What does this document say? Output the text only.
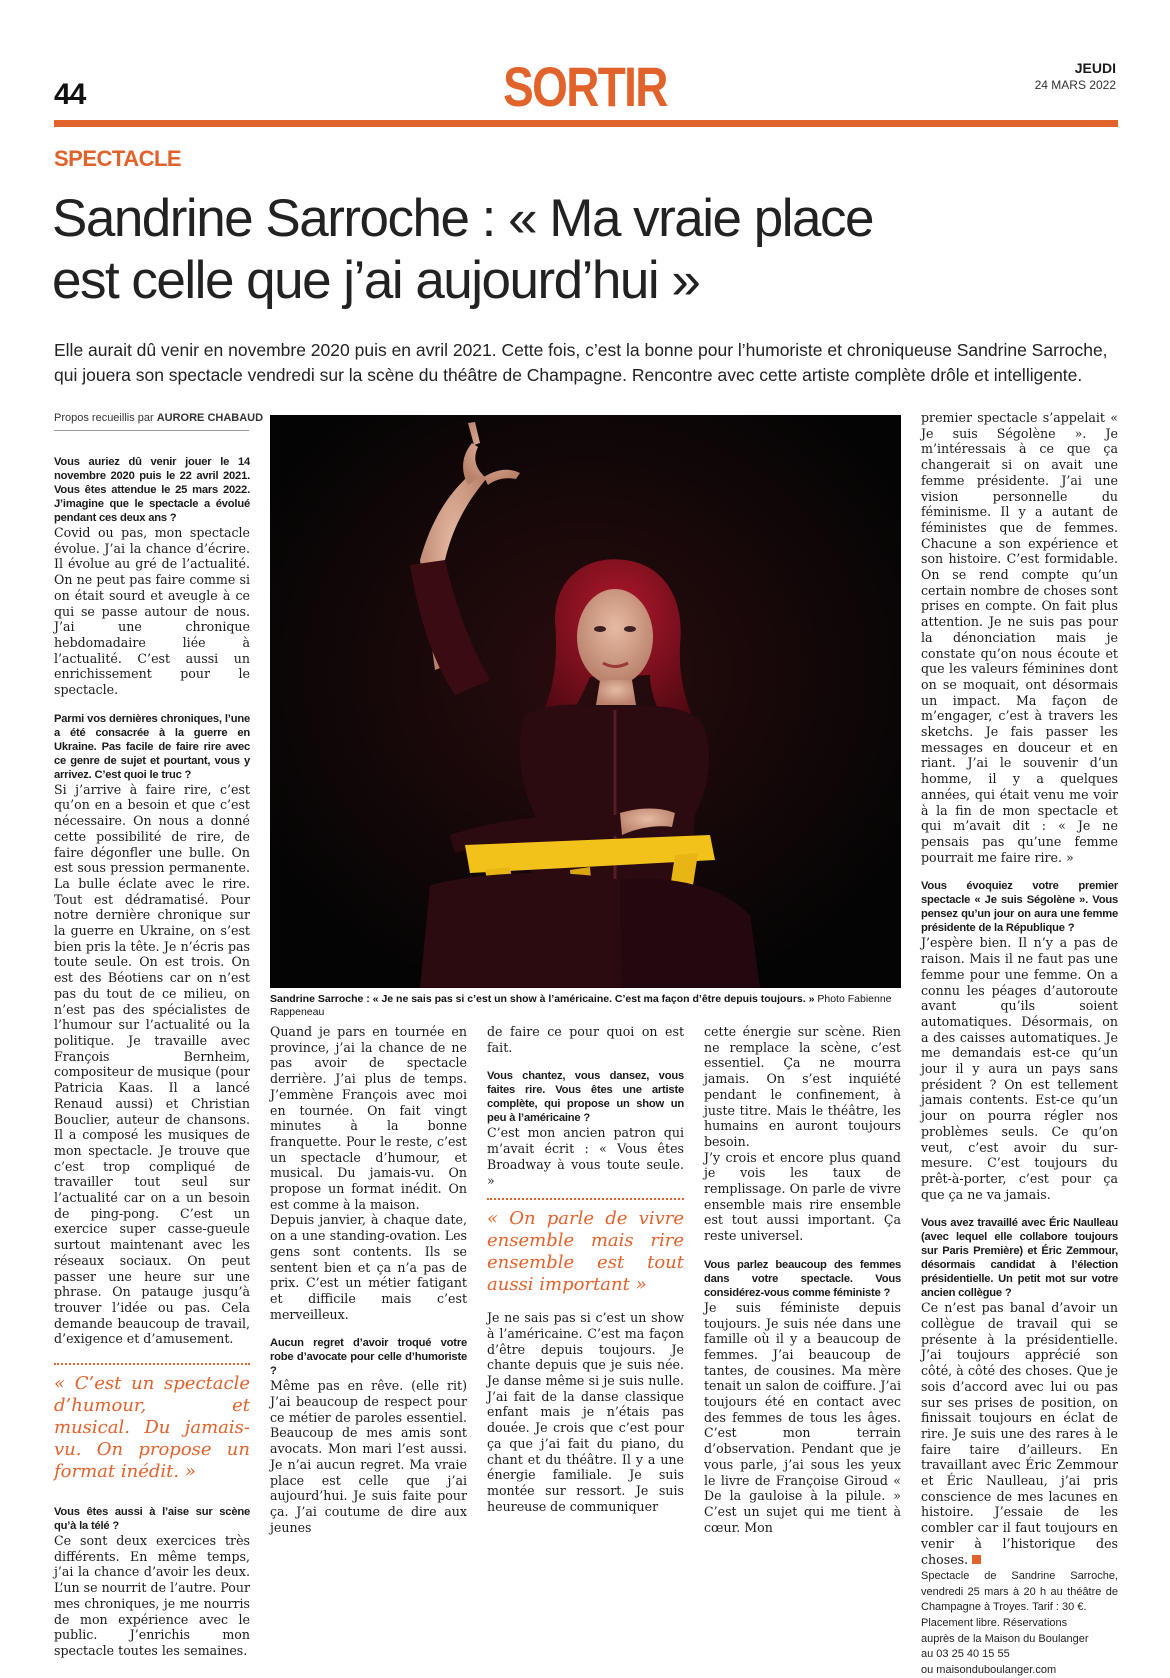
44	SORTIR	JEUDI
24 MARS 2022
SPECTACLE
Sandrine Sarroche : « Ma vraie place
est celle que j’ai aujourd’hui »
Elle aurait dû venir en novembre 2020 puis en avril 2021. Cette fois, c’est la bonne pour l’humoriste et chroniqueuse Sandrine Sarroche,
qui jouera son spectacle vendredi sur la scène du théâtre de Champagne. Rencontre avec cette artiste complète drôle et intelligente.
Propos recueillis par AURORE CHABAUD

Vous auriez dû venir jouer le 14 novembre 2020 puis le 22 avril 2021. Vous êtes attendue le 25 mars 2022. J’imagine que le spectacle a évolué pendant ces deux ans ?

Covid ou pas, mon spectacle évolue. J’ai la chance d’écrire. Il évolue au gré de l’actualité. On ne peut pas faire comme si on était sourd et aveugle à ce qui se passe autour de nous. J’ai une chronique hebdomadaire liée à l’actualité. C’est aussi un enrichissement pour le spectacle.

Parmi vos dernières chroniques, l’une a été consacrée à la guerre en Ukraine. Pas facile de faire rire avec ce genre de sujet et pourtant, vous y arrivez. C’est quoi le truc ?

Si j’arrive à faire rire, c’est qu’on en a besoin et que c’est nécessaire. On nous a donné cette possibilité de rire, de faire dégonfler une bulle. On est sous pression permanente. La bulle éclate avec le rire. Tout est dédramatisé. Pour notre dernière chronique sur la guerre en Ukraine, on s’est bien pris la tête. Je n’écris pas toute seule. On est trois. On est des Béotiens car on n’est pas du tout de ce milieu, on n’est pas des spécialistes de l’humour sur l’actualité ou la politique. Je travaille avec François Bernheim, compositeur de musique (pour Patricia Kaas. Il a lancé Renaud aussi) et Christian Bouclier, auteur de chansons. Il a composé les musiques de mon spectacle. Je trouve que c’est trop compliqué de travailler tout seul sur l’actualité car on a un besoin de ping-pong. C’est un exercice super casse-gueule surtout maintenant avec les réseaux sociaux. On peut passer une heure sur une phrase. On pataugе jusqu’à trouver l’idée ou pas. Cela demande beaucoup de travail, d’exigence et d’amusement.

« C’est un spectacle d’humour, et musical. Du jamais-vu. On propose un format inédit. »

Vous êtes aussi à l’aise sur scène qu’à la télé ?

Ce sont deux exercices très différents. En même temps, j’ai la chance d’avoir les deux. L’un se nourrit de l’autre. Pour mes chroniques, je me nourris de mon expérience avec le public. J’enrichis mon spectacle toutes les semaines.

Sandrine Sarroche : « Je ne sais pas si c’est un show à l’américaine. C’est ma façon d’être depuis toujours. » Photo Fabienne Rappeneau

Quand je pars en tournée en province, j’ai la chance de ne pas avoir de spectacle derrière. J’ai plus de temps. J’emmène François avec moi en tournée. On fait vingt minutes à la bonne franquette. Pour le reste, c’est un spectacle d’humour, et musical. Du jamais-vu. On propose un format inédit. On est comme à la maison.

Depuis janvier, à chaque date, on a une standing-ovation. Les gens sont contents. Ils se sentent bien et ça n’a pas de prix. C’est un métier fatigant et difficile mais c’est merveilleux.

Aucun regret d’avoir troqué votre robe d’avocate pour celle d’humoriste ?

Même pas en rêve. (elle rit) J’ai beaucoup de respect pour ce métier de paroles essentiel. Beaucoup de mes amis sont avocats. Mon mari l’est aussi. Je n’ai aucun regret. Ma vraie place est celle que j’ai aujourd’hui. Je suis faite pour ça. J’ai coutume de dire aux jeunes

de faire ce pour quoi on est fait.

Vous chantez, vous dansez, vous faites rire. Vous êtes une artiste complète, qui propose un show un peu à l’américaine ?

C’est mon ancien patron qui m’avait écrit : « Vous êtes Broadway à vous toute seule. »

« On parle de vivre ensemble mais rire ensemble est tout aussi important »

Je ne sais pas si c’est un show à l’américaine. C’est ma façon d’être depuis toujours. Je chante depuis que je suis née. Je danse même si je suis nulle. J’ai fait de la danse classique enfant mais je n’étais pas douée. Je crois que c’est pour ça que j’ai fait du piano, du chant et du théâtre. Il y a une énergie familiale. Je suis montée sur ressort. Je suis heureuse de communiquer

cette énergie sur scène. Rien ne remplace la scène, c’est essentiel. Ça ne mourra jamais. On s’est inquiété pendant le confinement, à juste titre. Mais le théâtre, les humains en auront toujours besoin.

J’y crois et encore plus quand je vois les taux de remplissage. On parle de vivre ensemble mais rire ensemble est tout aussi important. Ça reste universel.

Vous parlez beaucoup des femmes dans votre spectacle. Vous considérez-vous comme féministe ?

Je suis féministe depuis toujours. Je suis née dans une famille où il y a beaucoup de femmes. J’ai beaucoup de tantes, de cousines. Ma mère tenait un salon de coiffure. J’ai toujours été en contact avec des femmes de tous les âges. C’est mon terrain d’observation. Pendant que je vous parle, j’ai sous les yeux le livre de Françoise Giroud « De la gauloise à la pilule. » C’est un sujet qui me tient à cœur. Mon

premier spectacle s’appelait « Je suis Ségolène ». Je m’intéressais à ce que ça changerait si on avait une femme présidente. J’ai une vision personnelle du féminisme. Il y a autant de féministes que de femmes. Chacune a son expérience et son histoire. C’est formidable. On se rend compte qu’un certain nombre de choses sont prises en compte. On fait plus attention. Je ne suis pas pour la dénonciation mais je constate qu’on nous écoute et que les valeurs féminines dont on se moquait, ont désormais un impact. Ma façon de m’engager, c’est à travers les sketchs. Je fais passer les messages en douceur et en riant. J’ai le souvenir d’un homme, il y a quelques années, qui était venu me voir à la fin de mon spectacle et qui m’avait dit : « Je ne pensais pas qu’une femme pourrait me faire rire. »

Vous évoquiez votre premier spectacle « Je suis Ségolène ». Vous pensez qu’un jour on aura une femme présidente de la République ?

J’espère bien. Il n’y a pas de raison. Mais il ne faut pas une femme pour une femme. On a connu les péages d’autoroute avant qu’ils soient automatiques. Désormais, on a des caisses automatiques. Je me demandais est-ce qu’un jour il y aura un pays sans président ? On est tellement jamais contents. Est-ce qu’un jour on pourra régler nos problèmes seuls. Ce qu’on veut, c’est avoir du sur-mesure. C’est toujours du prêt-à-porter, c’est pour ça que ça ne va jamais.

Vous avez travaillé avec Éric Naulleau (avec lequel elle collabore toujours sur Paris Première) et Éric Zemmour, désormais candidat à l’élection présidentielle. Un petit mot sur votre ancien collègue ?

Ce n’est pas banal d’avoir un collègue de travail qui se présente à la présidentielle. J’ai toujours apprécié son côté, à côté des choses. Que je sois d’accord avec lui ou pas sur ses prises de position, on finissait toujours en éclat de rire. Je suis une des rares à le faire taire d’ailleurs. En travaillant avec Éric Zemmour et Éric Naulleau, j’ai pris conscience de mes lacunes en histoire. J’essaie de les combler car il faut toujours en venir à l’historique des choses.

Spectacle de Sandrine Sarroche, vendredi 25 mars à 20 h au théâtre de Champagne à Troyes. Tarif : 30 €.
Placement libre. Réservations
auprès de la Maison du Boulanger
au 03 25 40 15 55
ou maisonduboulanger.com
